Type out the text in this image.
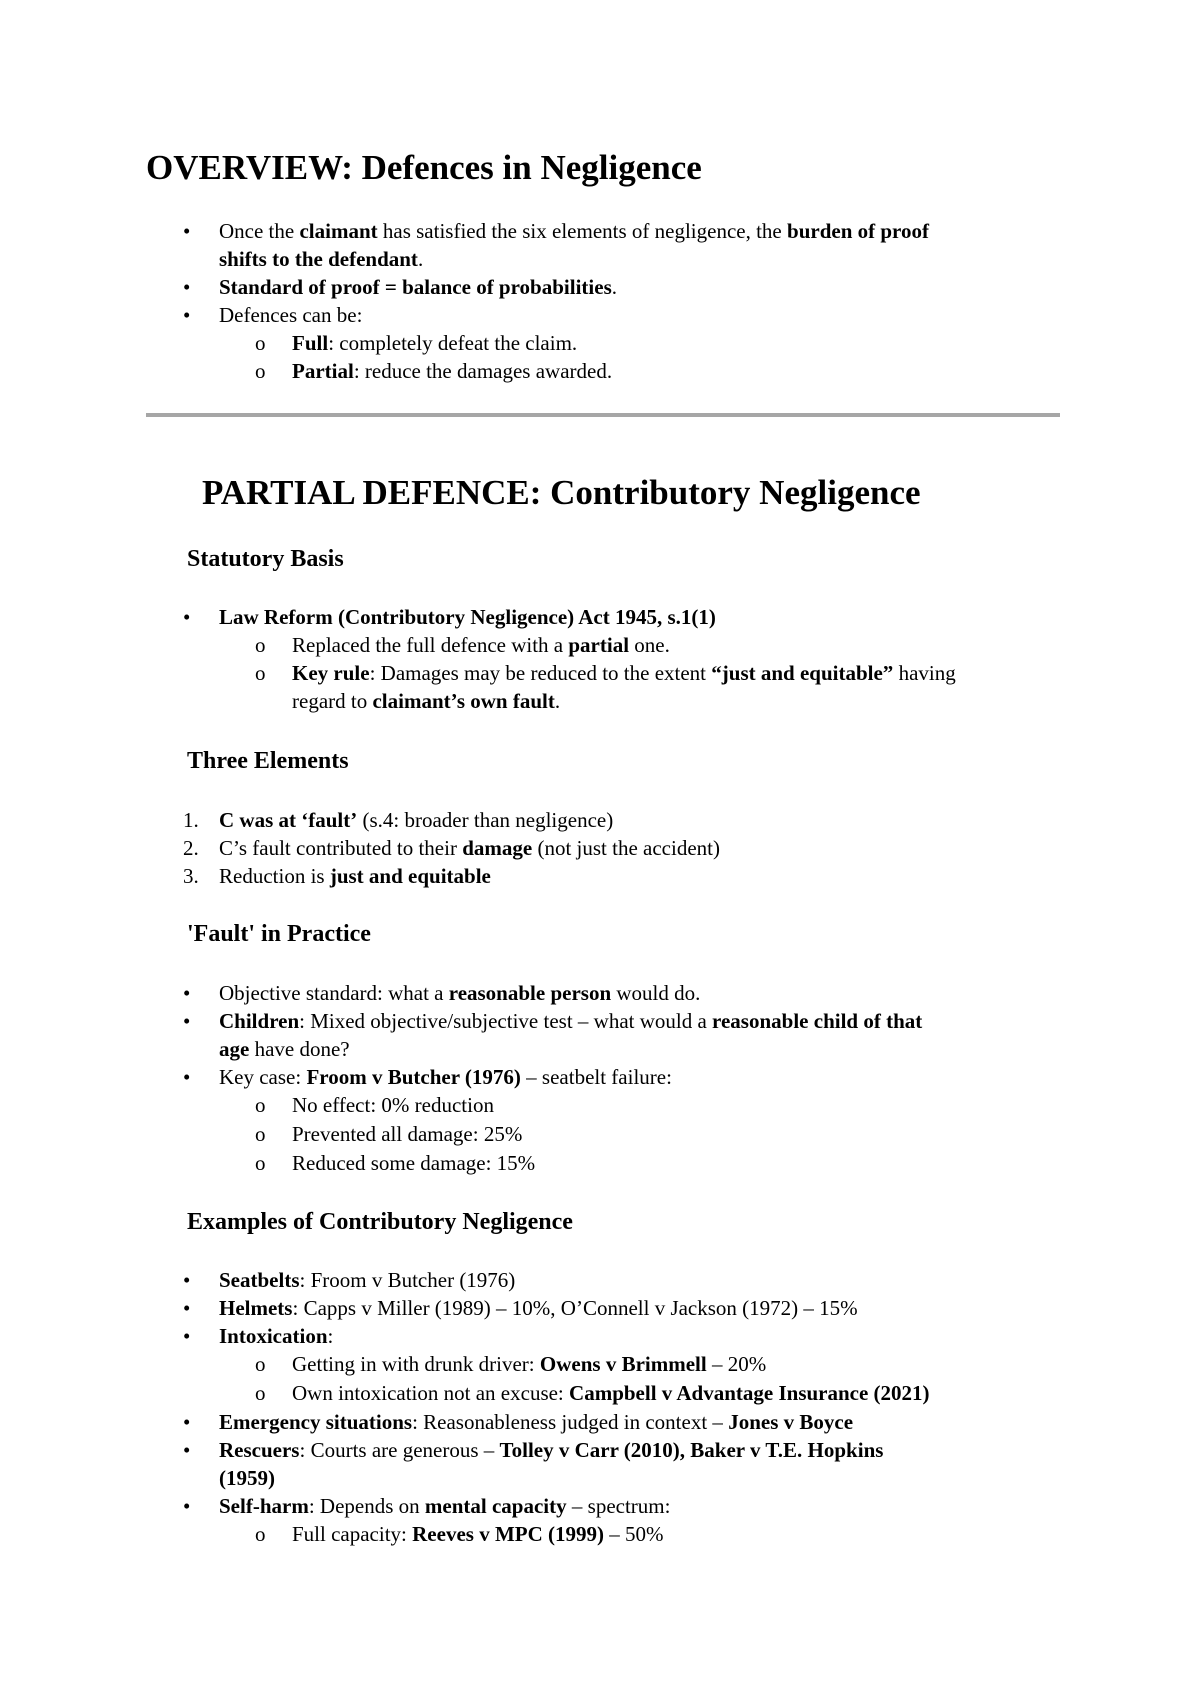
OVERVIEW: Defences in Negligence
• Once the claimant has satisfied the six elements of negligence, the burden of proof
shifts to the defendant.
• Standard of proof = balance of probabilities.
• Defences can be:
o Full: completely defeat the claim.
o Partial: reduce the damages awarded.
PARTIAL DEFENCE: Contributory Negligence
Statutory Basis
• Law Reform (Contributory Negligence) Act 1945, s.1(1)
o Replaced the full defence with a partial one.
o Key rule: Damages may be reduced to the extent “just and equitable” having
regard to claimant’s own fault.
Three Elements
1. C was at ‘fault’ (s.4: broader than negligence)
2. C’s fault contributed to their damage (not just the accident)
3. Reduction is just and equitable
'Fault' in Practice
• Objective standard: what a reasonable person would do.
• Children: Mixed objective/subjective test – what would a reasonable child of that
age have done?
• Key case: Froom v Butcher (1976) – seatbelt failure:
o No effect: 0% reduction
o Prevented all damage: 25%
o Reduced some damage: 15%
Examples of Contributory Negligence
• Seatbelts: Froom v Butcher (1976)
• Helmets: Capps v Miller (1989) – 10%, O’Connell v Jackson (1972) – 15%
• Intoxication:
o Getting in with drunk driver: Owens v Brimmell – 20%
o Own intoxication not an excuse: Campbell v Advantage Insurance (2021)
• Emergency situations: Reasonableness judged in context – Jones v Boyce
• Rescuers: Courts are generous – Tolley v Carr (2010), Baker v T.E. Hopkins
(1959)
• Self-harm: Depends on mental capacity – spectrum:
o Full capacity: Reeves v MPC (1999) – 50%
